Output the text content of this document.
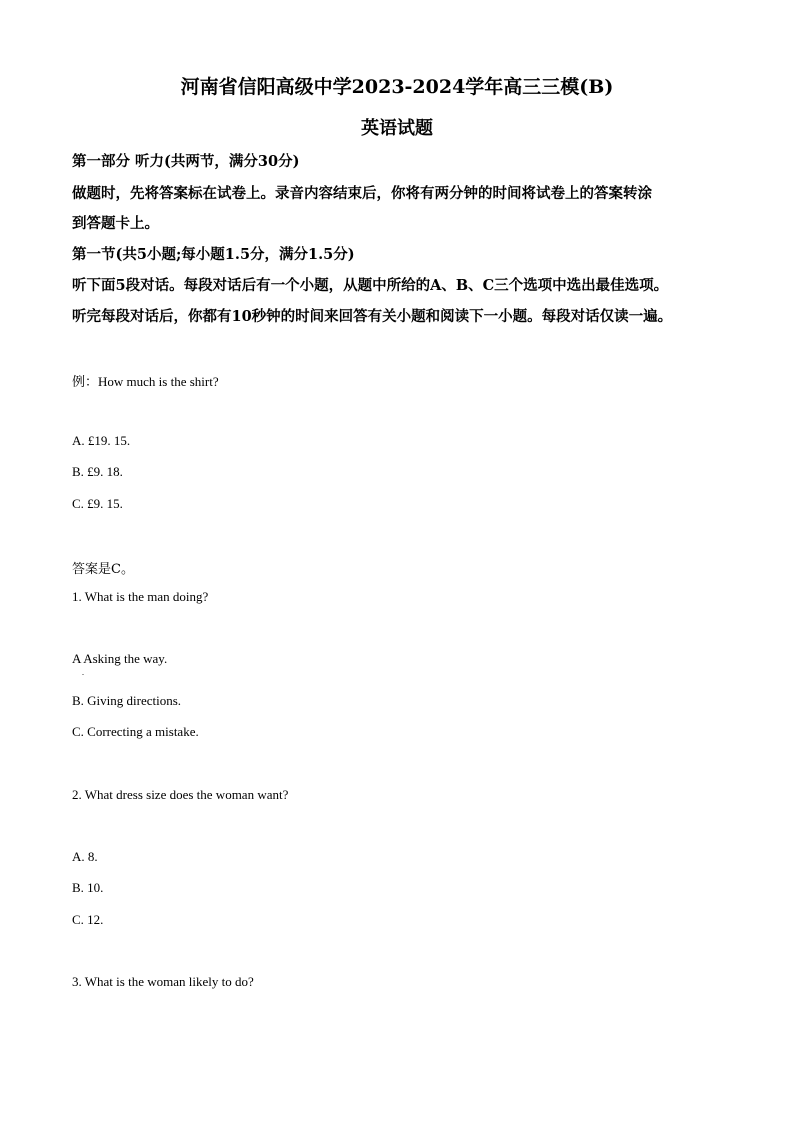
河南省信阳高级中学2023-2024学年高三三模(B)
英语试题
第一部分 听力(共两节，满分30分)
做题时，先将答案标在试卷上。录音内容结束后，你将有两分钟的时间将试卷上的答案转涂
到答题卡上。
第一节(共5小题;每小题1.5分，满分1.5分)
听下面5段对话。每段对话后有一个小题，从题中所给的A、B、C三个选项中选出最佳选项。
听完每段对话后，你都有10秒钟的时间来回答有关小题和阅读下一小题。每段对话仅读一遍。
例：How much is the shirt?
A. £19. 15.
B. £9. 18.
C. £9. 15.
答案是C。
1. What is the man doing?
A Asking the way.
.
B. Giving directions.
C. Correcting a mistake.
2. What dress size does the woman want?
A. 8.
B. 10.
C. 12.
3. What is the woman likely to do?
